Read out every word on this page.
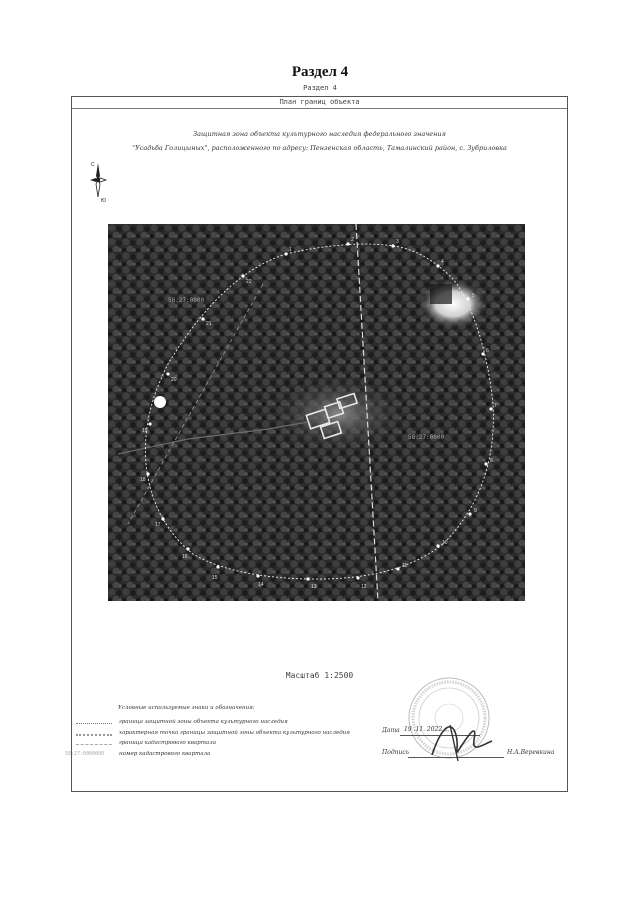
Раздел 4
Раздел 4
План границ объекта
Защитная зона объекта культурного наследия федерального значения
"Усадьба Голицыных", расположенного по адресу: Пензенская область, Тамалинский район, с. Зубриловка
С
Ю
1
2	3
4
5
6
7
8
9
10
11
12
13
14
15
16
17
18
19
20
21
22
58:27:0000
58:27:0000
Масштаб 1:2500
Условные используемые знаки и обозначения:
граница защитной зоны объекта культурного наследия
характерная точка границы защитной зоны объекта культурного наследия
граница кадастрового квартала
58:27:0000000	номер кадастрового квартала
Дата 19 .11. 2022 г.
Подпись	Н.А.Веревкина
